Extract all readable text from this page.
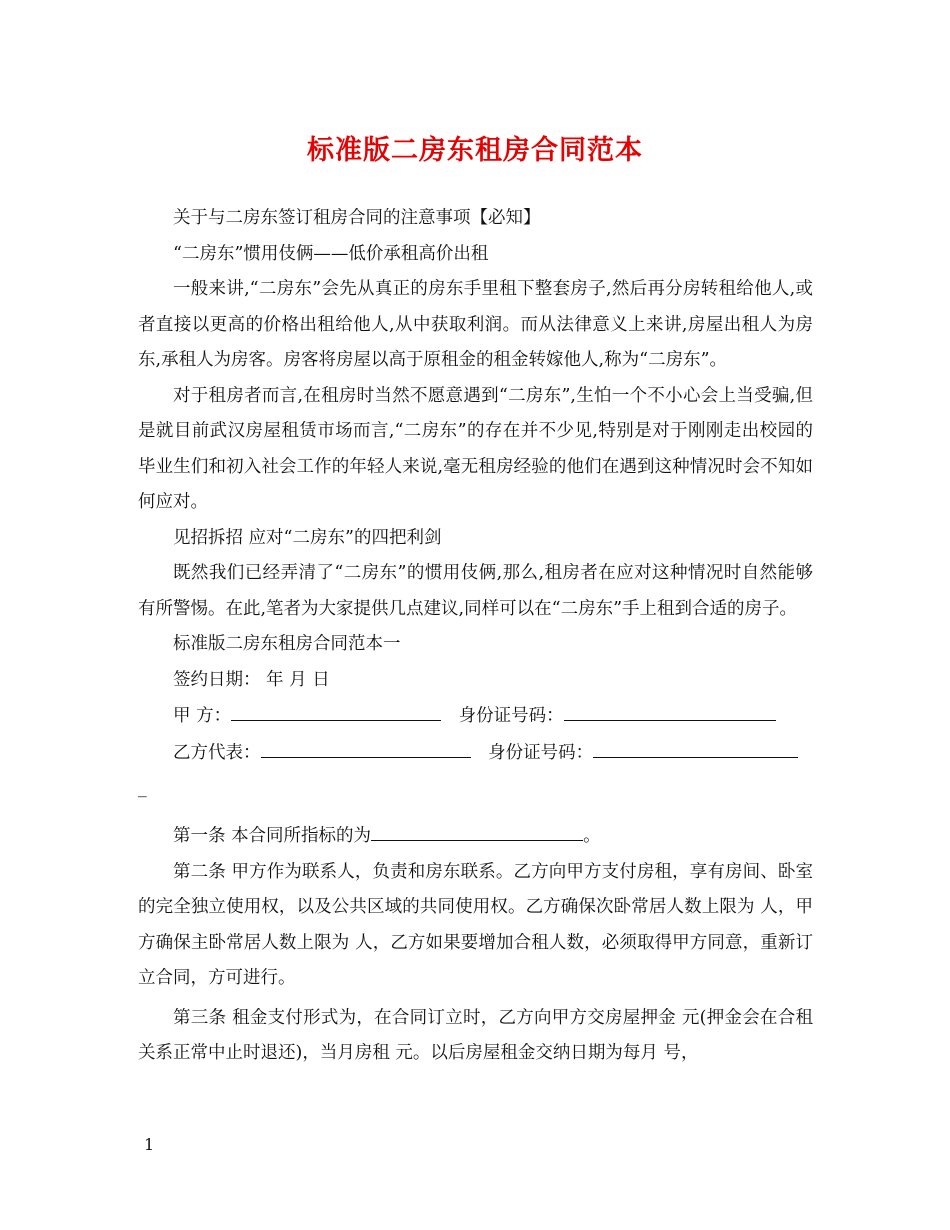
标准版二房东租房合同范本

关于与二房东签订租房合同的注意事项【必知】

“二房东”惯用伎俩——低价承租高价出租

一般来讲,“二房东”会先从真正的房东手里租下整套房子,然后再分房转租给他人,或者直接以更高的价格出租给他人,从中获取利润。而从法律意义上来讲,房屋出租人为房东,承租人为房客。房客将房屋以高于原租金的租金转嫁他人,称为“二房东”。

对于租房者而言,在租房时当然不愿意遇到“二房东”,生怕一个不小心会上当受骗,但是就目前武汉房屋租赁市场而言,“二房东”的存在并不少见,特别是对于刚刚走出校园的毕业生们和初入社会工作的年轻人来说,毫无租房经验的他们在遇到这种情况时会不知如何应对。

见招拆招 应对“二房东”的四把利剑

既然我们已经弄清了“二房东”的惯用伎俩,那么,租房者在应对这种情况时自然能够有所警惕。在此,笔者为大家提供几点建议,同样可以在“二房东”手上租到合适的房子。

标准版二房东租房合同范本一

签约日期： 年 月 日

甲 方：	身份证号码：

乙方代表：	身份证号码：

_

第一条 本合同所指标的为	。

第二条 甲方作为联系人，负责和房东联系。乙方向甲方支付房租，享有房间、卧室的完全独立使用权，以及公共区域的共同使用权。乙方确保次卧常居人数上限为 人，甲方确保主卧常居人数上限为 人，乙方如果要增加合租人数，必须取得甲方同意，重新订立合同，方可进行。

第三条 租金支付形式为，在合同订立时，乙方向甲方交房屋押金 元(押金会在合租关系正常中止时退还)，当月房租 元。以后房屋租金交纳日期为每月 号，

1
